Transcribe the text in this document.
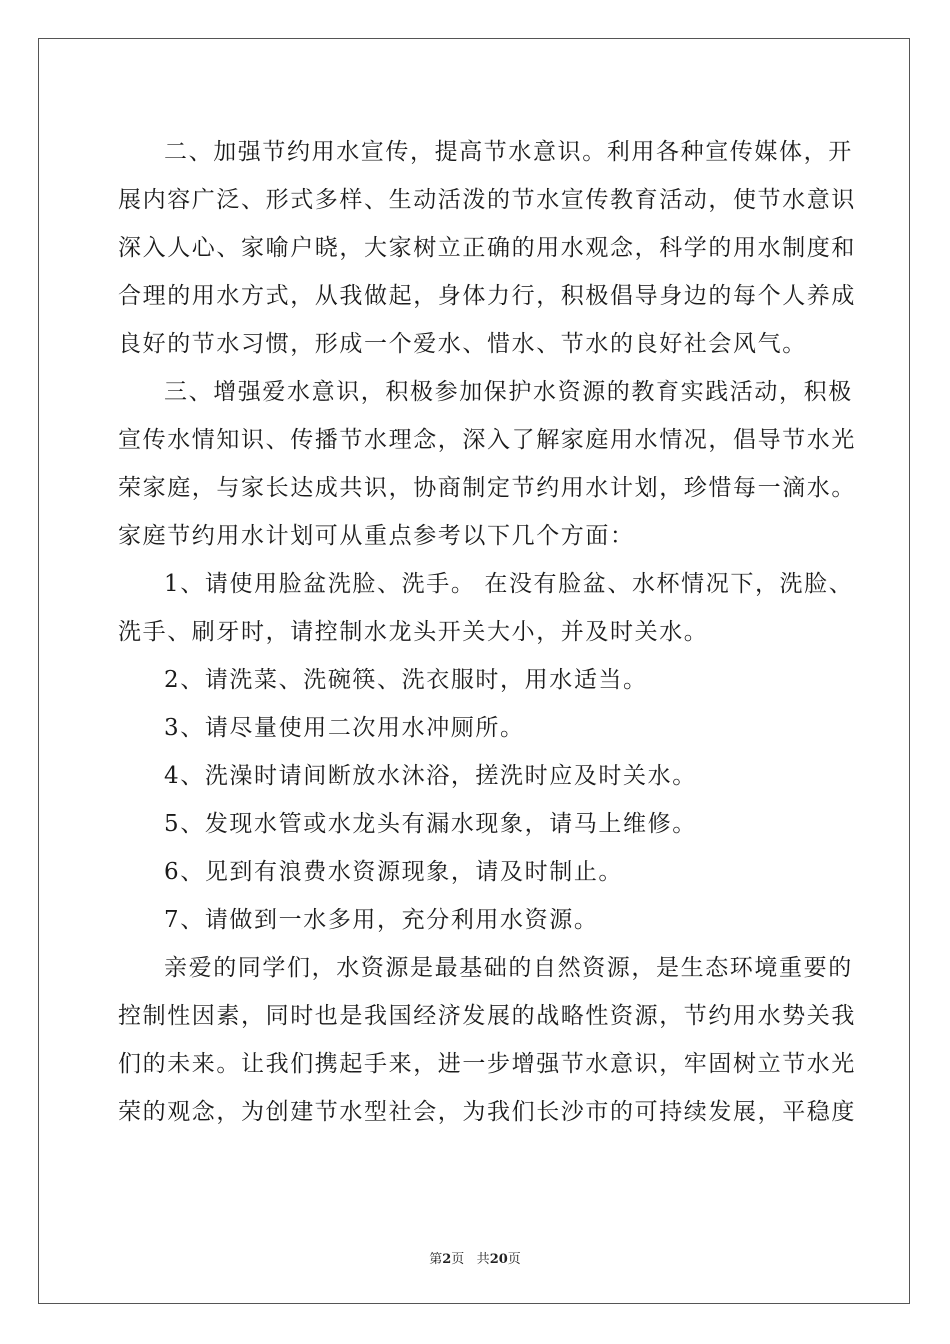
二、加强节约用水宣传，提高节水意识。利用各种宣传媒体，开
展内容广泛、形式多样、生动活泼的节水宣传教育活动，使节水意识
深入人心、家喻户晓，大家树立正确的用水观念，科学的用水制度和
合理的用水方式，从我做起，身体力行，积极倡导身边的每个人养成
良好的节水习惯，形成一个爱水、惜水、节水的良好社会风气。
三、增强爱水意识，积极参加保护水资源的教育实践活动，积极
宣传水情知识、传播节水理念，深入了解家庭用水情况，倡导节水光
荣家庭，与家长达成共识，协商制定节约用水计划，珍惜每一滴水。
家庭节约用水计划可从重点参考以下几个方面：
1、请使用脸盆洗脸、洗手。 在没有脸盆、水杯情况下，洗脸、
洗手、刷牙时，请控制水龙头开关大小，并及时关水。
2、请洗菜、洗碗筷、洗衣服时，用水适当。
3、请尽量使用二次用水冲厕所。
4、洗澡时请间断放水沐浴，搓洗时应及时关水。
5、发现水管或水龙头有漏水现象，请马上维修。
6、见到有浪费水资源现象，请及时制止。
7、请做到一水多用，充分利用水资源。
亲爱的同学们，水资源是最基础的自然资源，是生态环境重要的
控制性因素，同时也是我国经济发展的战略性资源，节约用水势关我
们的未来。让我们携起手来，进一步增强节水意识，牢固树立节水光
荣的观念，为创建节水型社会，为我们长沙市的可持续发展，平稳度
第2页 共20页
